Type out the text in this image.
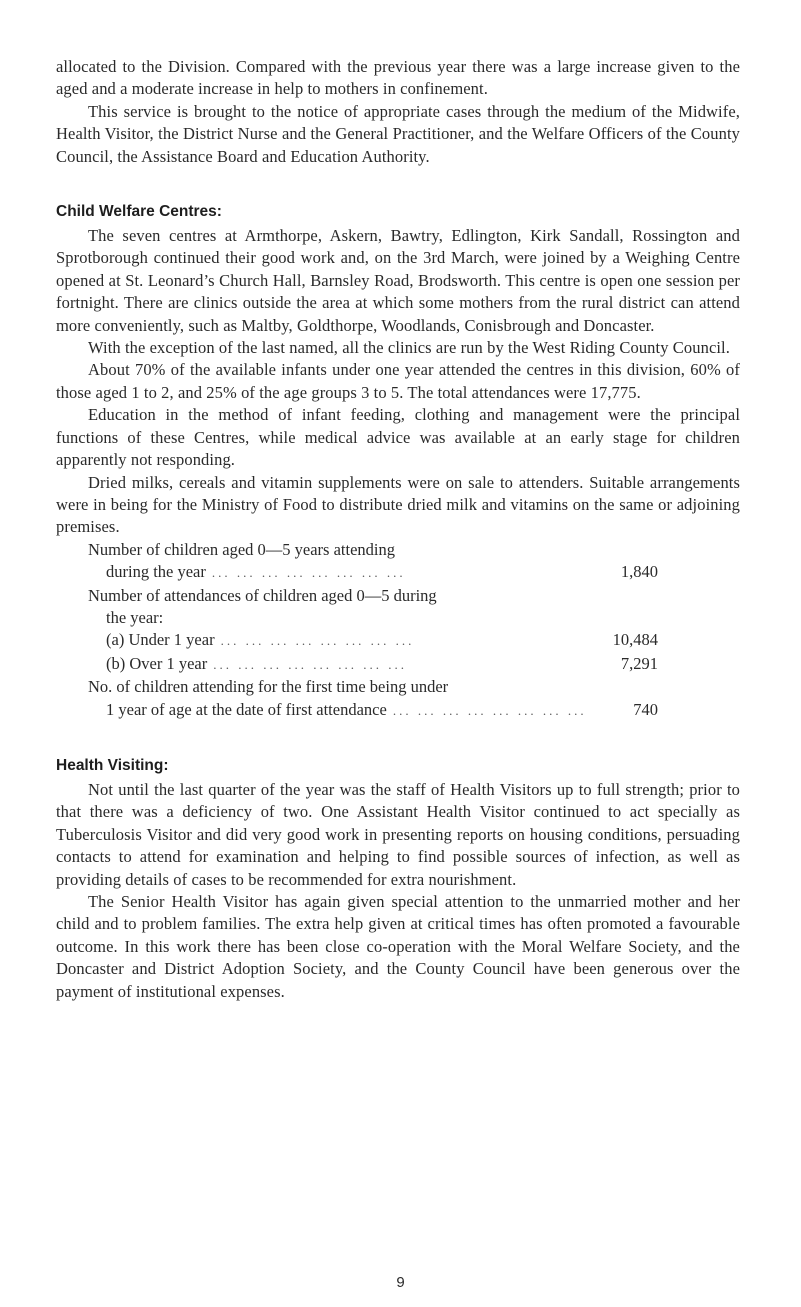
allocated to the Division. Compared with the previous year there was a large increase given to the aged and a moderate increase in help to mothers in confinement.

This service is brought to the notice of appropriate cases through the medium of the Midwife, Health Visitor, the District Nurse and the General Practitioner, and the Welfare Officers of the County Council, the Assistance Board and Education Authority.

Child Welfare Centres:

The seven centres at Armthorpe, Askern, Bawtry, Edlington, Kirk Sandall, Rossington and Sprotborough continued their good work and, on the 3rd March, were joined by a Weighing Centre opened at St. Leonard’s Church Hall, Barnsley Road, Brodsworth. This centre is open one session per fortnight. There are clinics outside the area at which some mothers from the rural district can attend more conveniently, such as Maltby, Goldthorpe, Woodlands, Conisbrough and Doncaster.

With the exception of the last named, all the clinics are run by the West Riding County Council.

About 70% of the available infants under one year attended the centres in this division, 60% of those aged 1 to 2, and 25% of the age groups 3 to 5. The total attendances were 17,775.

Education in the method of infant feeding, clothing and management were the principal functions of these Centres, while medical advice was available at an early stage for children apparently not responding.

Dried milks, cereals and vitamin supplements were on sale to attenders. Suitable arrangements were in being for the Ministry of Food to distribute dried milk and vitamins on the same or adjoining premises.

Number of children aged 0—5 years attending
during the year ... ... ... ... ... ... ... ...	1,840
Number of attendances of children aged 0—5 during
the year:
(a) Under 1 year ... ... ... ... ... ... ... ...	10,484
(b) Over 1 year ... ... ... ... ... ... ... ...	7,291
No. of children attending for the first time being under
1 year of age at the date of first attendance ... ... ... ... ... ... ... ...	740
Health Visiting:

Not until the last quarter of the year was the staff of Health Visitors up to full strength; prior to that there was a deficiency of two. One Assistant Health Visitor continued to act specially as Tuberculosis Visitor and did very good work in presenting reports on housing conditions, persuading contacts to attend for examination and helping to find possible sources of infection, as well as providing details of cases to be recommended for extra nourishment.

The Senior Health Visitor has again given special attention to the unmarried mother and her child and to problem families. The extra help given at critical times has often promoted a favourable outcome. In this work there has been close co-operation with the Moral Welfare Society, and the Doncaster and District Adoption Society, and the County Council have been generous over the payment of institutional expenses.

9
